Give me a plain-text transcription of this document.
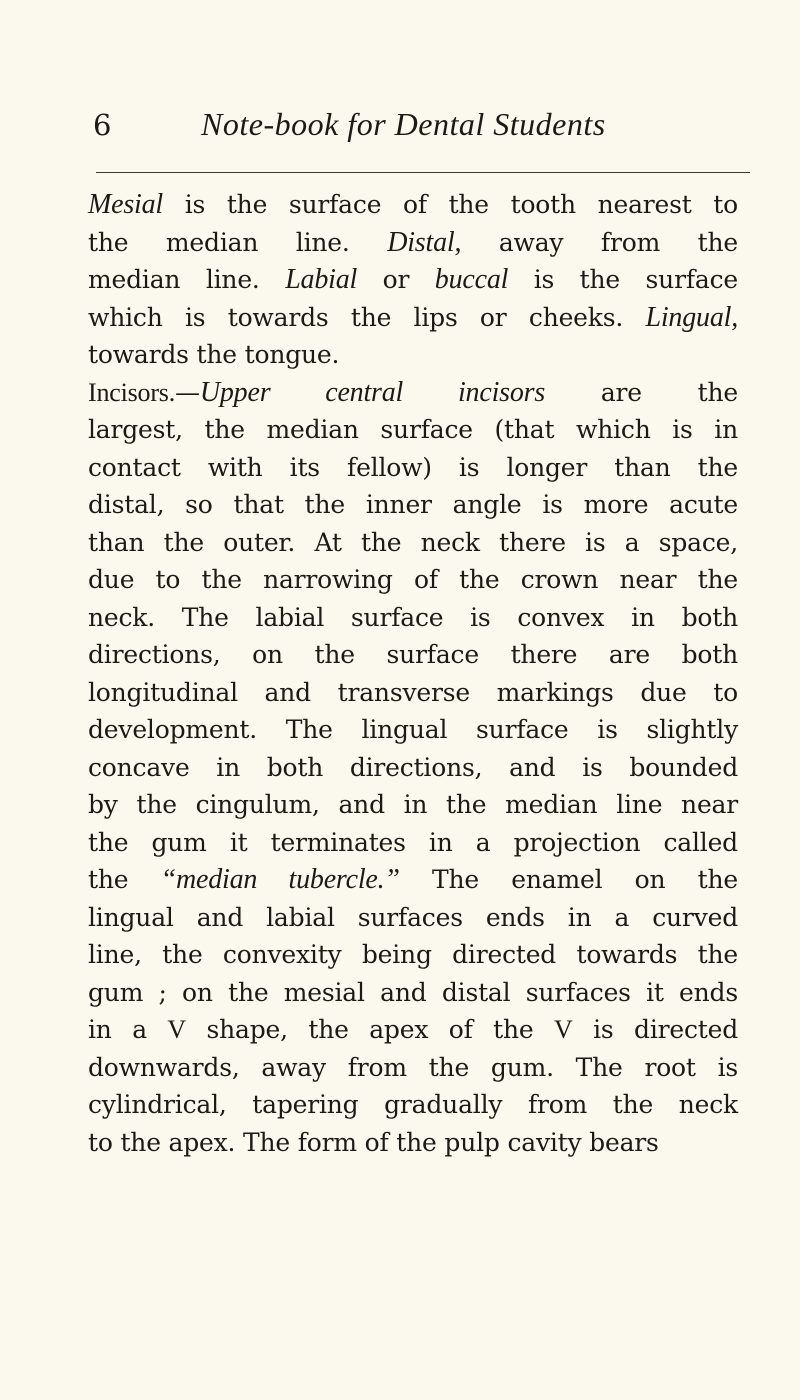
6	Note-book for Dental Students
Mesial is the surface of the tooth nearest to
the median line. Distal, away from the
median line. Labial or buccal is the surface
which is towards the lips or cheeks. Lingual,
towards the tongue.
Incisors.—Upper central incisors are the
largest, the median surface (that which is in
contact with its fellow) is longer than the
distal, so that the inner angle is more acute
than the outer. At the neck there is a space,
due to the narrowing of the crown near the
neck. The labial surface is convex in both
directions, on the surface there are both
longitudinal and transverse markings due to
development. The lingual surface is slightly
concave in both directions, and is bounded
by the cingulum, and in the median line near
the gum it terminates in a projection called
the “median tubercle.” The enamel on the
lingual and labial surfaces ends in a curved
line, the convexity being directed towards the
gum ; on the mesial and distal surfaces it ends
in a V shape, the apex of the V is directed
downwards, away from the gum. The root is
cylindrical, tapering gradually from the neck
to the apex. The form of the pulp cavity bears
